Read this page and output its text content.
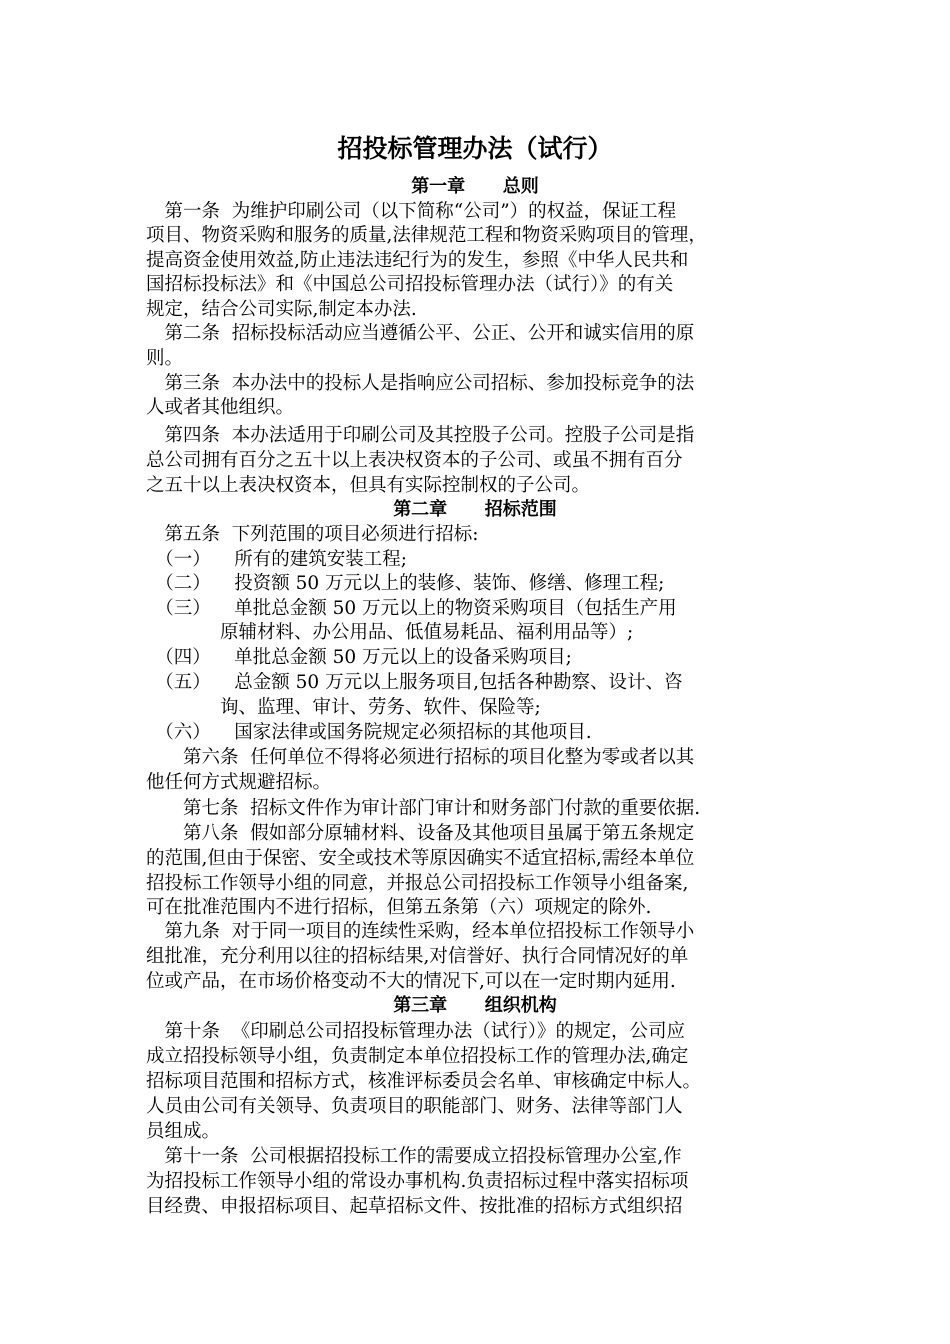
招投标管理办法（试行）
第一章      总则
第二章      招标范围
第三章      组织机构
　第一条  为维护印刷公司（以下简称“公司”）的权益，保证工程
项目、物资采购和服务的质量,法律规范工程和物资采购项目的管理，
提高资金使用效益,防止违法违纪行为的发生，参照《中华人民共和
国招标投标法》和《中国总公司招投标管理办法（试行）》的有关
规定，结合公司实际,制定本办法.
　第二条  招标投标活动应当遵循公平、公正、公开和诚实信用的原
则。
　第三条  本办法中的投标人是指响应公司招标、参加投标竞争的法
人或者其他组织。
　第四条  本办法适用于印刷公司及其控股子公司。控股子公司是指
总公司拥有百分之五十以上表决权资本的子公司、或虽不拥有百分
之五十以上表决权资本，但具有实际控制权的子公司。
　第五条  下列范围的项目必须进行招标:
　（一）    所有的建筑安装工程;
　（二）    投资额 50 万元以上的装修、装饰、修缮、修理工程;
　（三）    单批总金额 50 万元以上的物资采购项目（包括生产用
　　　　原辅材料、办公用品、低值易耗品、福利用品等）;
　（四）    单批总金额 50 万元以上的设备采购项目;
　（五）    总金额 50 万元以上服务项目,包括各种勘察、设计、咨
　　　　询、监理、审计、劳务、软件、保险等;
　（六）    国家法律或国务院规定必须招标的其他项目.
　　第六条  任何单位不得将必须进行招标的项目化整为零或者以其
他任何方式规避招标。
　　第七条  招标文件作为审计部门审计和财务部门付款的重要依据.
　　第八条  假如部分原辅材料、设备及其他项目虽属于第五条规定
的范围,但由于保密、安全或技术等原因确实不适宜招标,需经本单位
招投标工作领导小组的同意，并报总公司招投标工作领导小组备案,
可在批准范围内不进行招标，但第五条第（六）项规定的除外.
　第九条  对于同一项目的连续性采购，经本单位招投标工作领导小
组批准，充分利用以往的招标结果,对信誉好、执行合同情况好的单
位或产品，在市场价格变动不大的情况下,可以在一定时期内延用.
　第十条  《印刷总公司招投标管理办法（试行）》的规定，公司应
成立招投标领导小组，负责制定本单位招投标工作的管理办法,确定
招标项目范围和招标方式，核准评标委员会名单、审核确定中标人。
人员由公司有关领导、负责项目的职能部门、财务、法律等部门人
员组成。
　第十一条  公司根据招投标工作的需要成立招投标管理办公室,作
为招投标工作领导小组的常设办事机构.负责招标过程中落实招标项
目经费、申报招标项目、起草招标文件、按批准的招标方式组织招
